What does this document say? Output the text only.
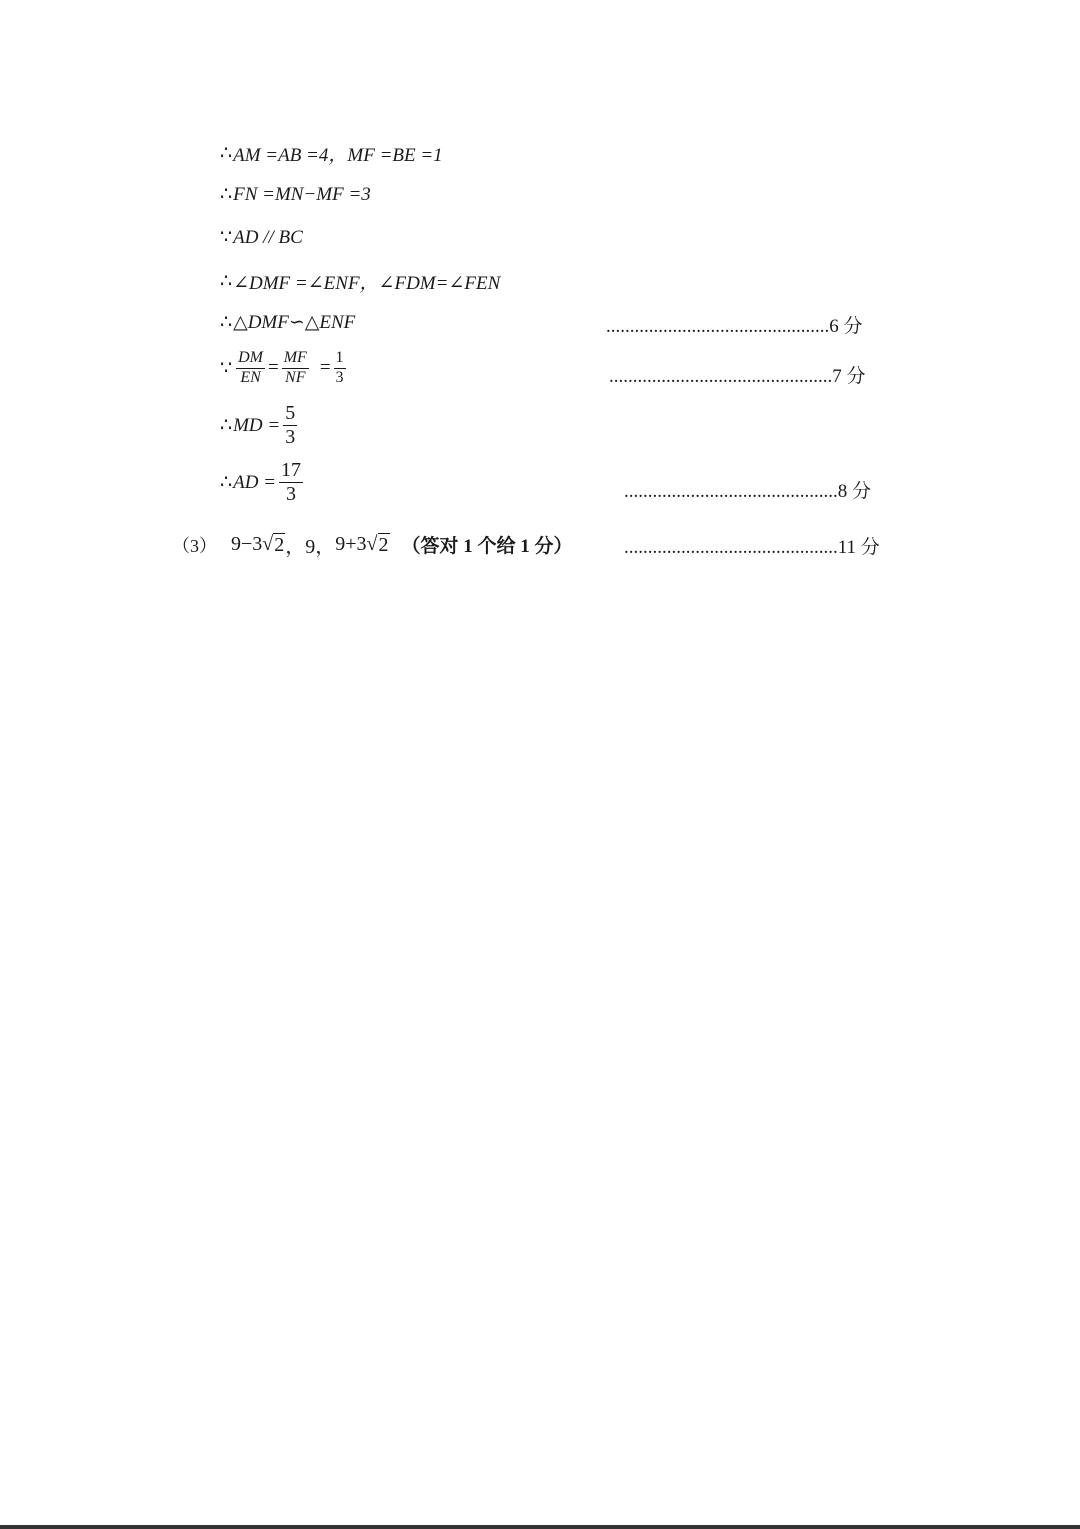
∴ AM =AB =4，MF =BE =1
∴ FN =MN−MF =3
∵ AD // BC
∴ ∠DMF =∠ENF，∠FDM=∠FEN
∴ △DMF∽△ENF	...............................................6 分
∵ $\frac{DM}{EN} = \frac{MF}{NF} = \frac{1}{3}$	...............................................7 分
∴ MD = $\frac{5}{3}$
∴ AD = $\frac{17}{3}$	.............................................8 分
（3） 9−3 √ 2 ，9， 9+3 √ 2 （答对 1 个给 1 分）	.............................................11 分
